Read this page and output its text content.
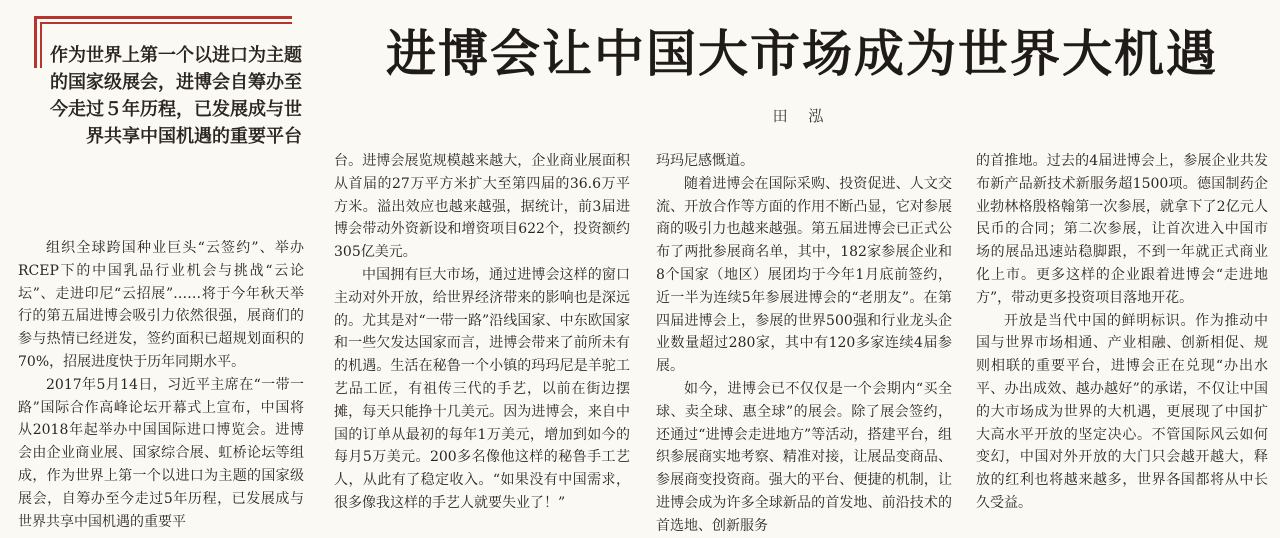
作为世界上第一个以进口为主题的国家级展会，进博会自筹办至今走过５年历程，已发展成与世界共享中国机遇的重要平台

进博会让中国大市场成为世界大机遇
田 泓

组织全球跨国种业巨头“云签约”、举办RCEP下的中国乳品行业机会与挑战“云论坛”、走进印尼“云招展”……将于今年秋天举行的第五届进博会吸引力依然很强，展商们的参与热情已经迸发，签约面积已超规划面积的70%，招展进度快于历年同期水平。

2017年5月14日，习近平主席在“一带一路”国际合作高峰论坛开幕式上宣布，中国将从2018年起举办中国国际进口博览会。进博会由企业商业展、国家综合展、虹桥论坛等组成，作为世界上第一个以进口为主题的国家级展会，自筹办至今走过5年历程，已发展成与世界共享中国机遇的重要平

台。进博会展览规模越来越大，企业商业展面积从首届的27万平方米扩大至第四届的36.6万平方米。溢出效应也越来越强，据统计，前3届进博会带动外资新设和增资项目622个，投资额约305亿美元。

中国拥有巨大市场，通过进博会这样的窗口主动对外开放，给世界经济带来的影响也是深远的。尤其是对“一带一路”沿线国家、中东欧国家和一些欠发达国家而言，进博会带来了前所未有的机遇。生活在秘鲁一个小镇的玛玛尼是羊驼工艺品工匠，有祖传三代的手艺，以前在街边摆摊，每天只能挣十几美元。因为进博会，来自中国的订单从最初的每年1万美元，增加到如今的每月5万美元。200多名像他这样的秘鲁手工艺人，从此有了稳定收入。“如果没有中国需求，很多像我这样的手艺人就要失业了！”

玛玛尼感慨道。

随着进博会在国际采购、投资促进、人文交流、开放合作等方面的作用不断凸显，它对参展商的吸引力也越来越强。第五届进博会已正式公布了两批参展商名单，其中，182家参展企业和8个国家（地区）展团均于今年1月底前签约，近一半为连续5年参展进博会的“老朋友”。在第四届进博会上，参展的世界500强和行业龙头企业数量超过280家，其中有120多家连续4届参展。

如今，进博会已不仅仅是一个会期内“买全球、卖全球、惠全球”的展会。除了展会签约，还通过“进博会走进地方”等活动，搭建平台，组织参展商实地考察、精准对接，让展品变商品、参展商变投资商。强大的平台、便捷的机制，让进博会成为许多全球新品的首发地、前沿技术的首选地、创新服务

的首推地。过去的4届进博会上，参展企业共发布新产品新技术新服务超1500项。德国制药企业勃林格殷格翰第一次参展，就拿下了2亿元人民币的合同；第二次参展，让首次进入中国市场的展品迅速站稳脚跟，不到一年就正式商业化上市。更多这样的企业跟着进博会“走进地方”，带动更多投资项目落地开花。

开放是当代中国的鲜明标识。作为推动中国与世界市场相通、产业相融、创新相促、规则相联的重要平台，进博会正在兑现“办出水平、办出成效、越办越好”的承诺，不仅让中国的大市场成为世界的大机遇，更展现了中国扩大高水平开放的坚定决心。不管国际风云如何变幻，中国对外开放的大门只会越开越大，释放的红利也将越来越多，世界各国都将从中长久受益。
